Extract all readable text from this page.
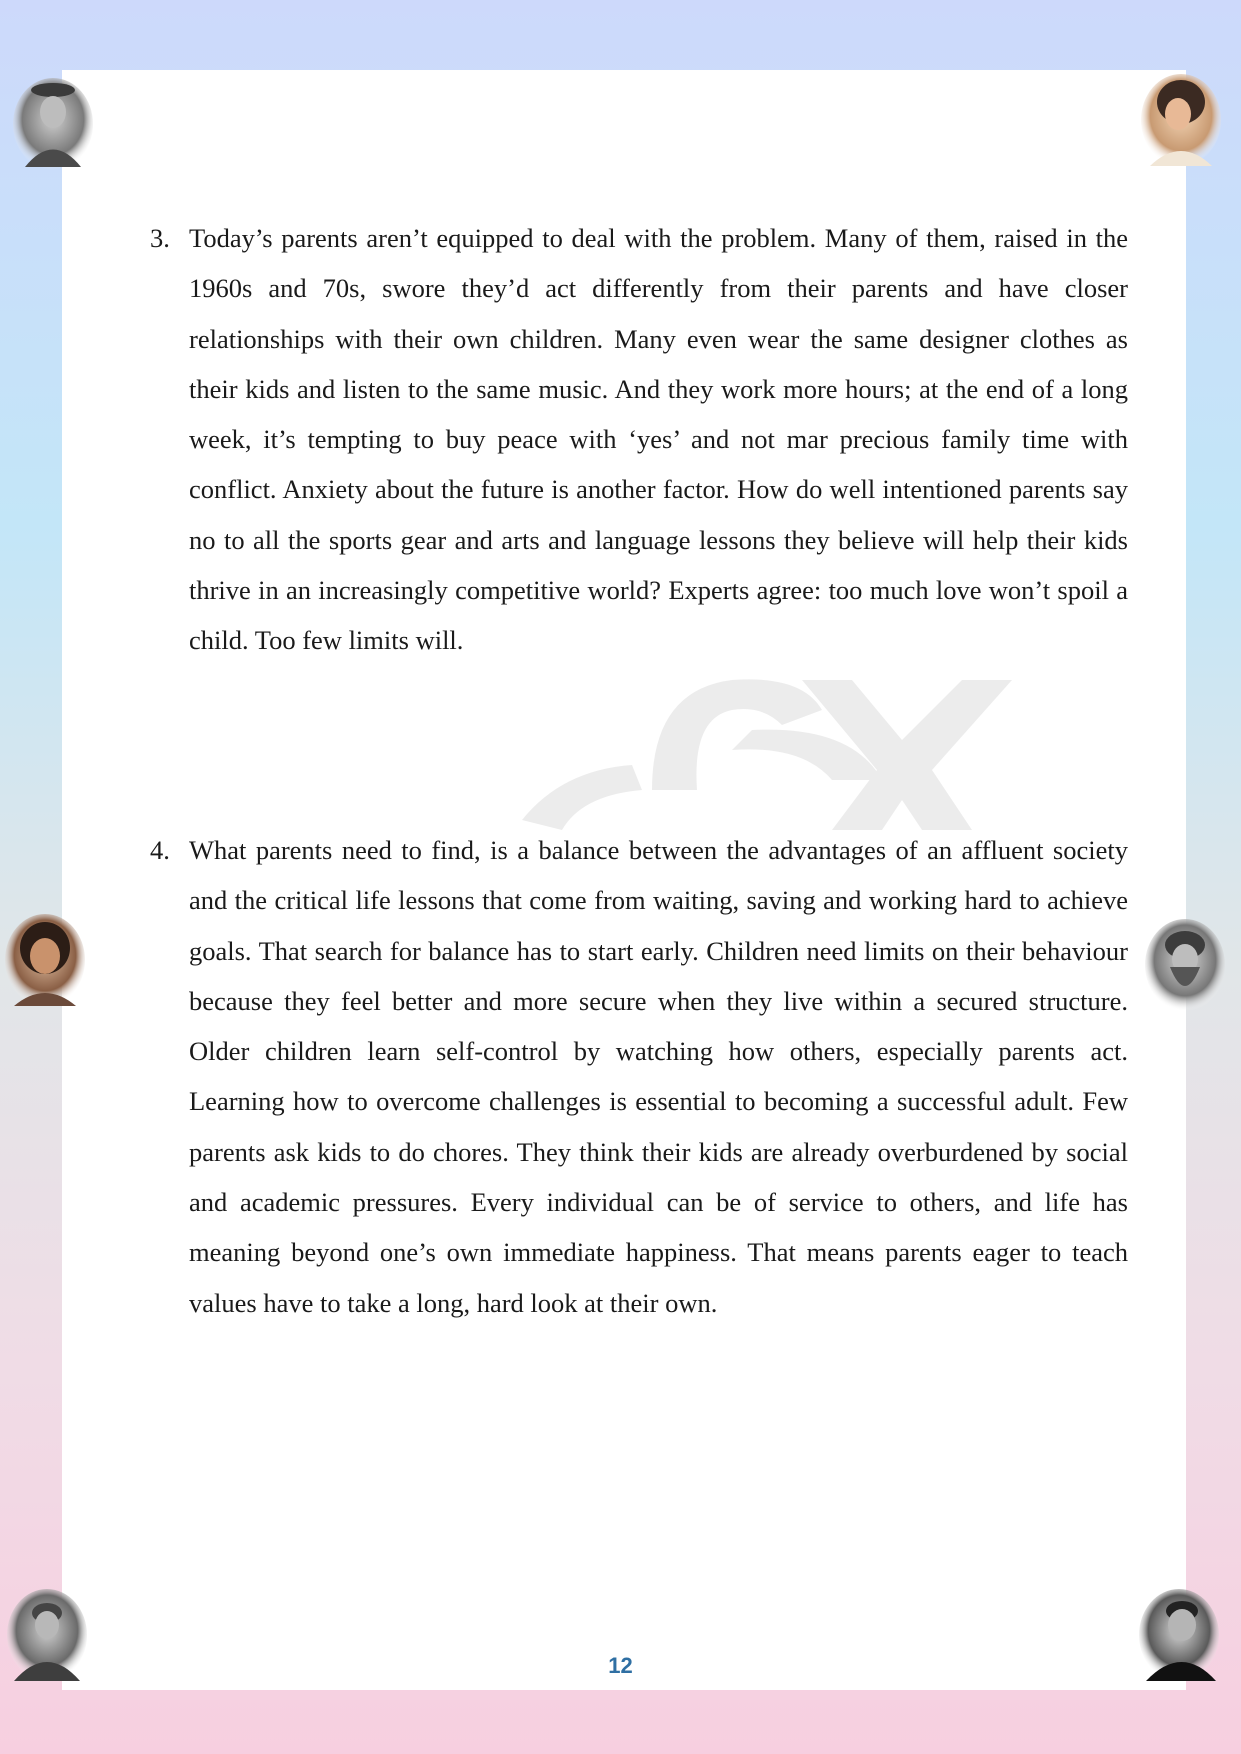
3. Today’s parents aren’t equipped to deal with the problem. Many of them, raised in the 1960s and 70s, swore they’d act differently from their parents and have closer relationships with their own children. Many even wear the same designer clothes as their kids and listen to the same music. And they work more hours; at the end of a long week, it’s tempting to buy peace with ‘yes’ and not mar precious family time with conflict. Anxiety about the future is another factor. How do well intentioned parents say no to all the sports gear and arts and language lessons they believe will help their kids thrive in an increasingly competitive world? Experts agree: too much love won’t spoil a child. Too few limits will.
4. What parents need to find, is a balance between the advantages of an affluent society and the critical life lessons that come from waiting, saving and working hard to achieve goals. That search for balance has to start early. Children need limits on their behaviour because they feel better and more secure when they live within a secured structure. Older children learn self-control by watching how others, especially parents act. Learning how to overcome challenges is essential to becoming a successful adult. Few parents ask kids to do chores. They think their kids are already overburdened by social and academic pressures. Every individual can be of service to others, and life has meaning beyond one’s own immediate happiness. That means parents eager to teach values have to take a long, hard look at their own.
12
